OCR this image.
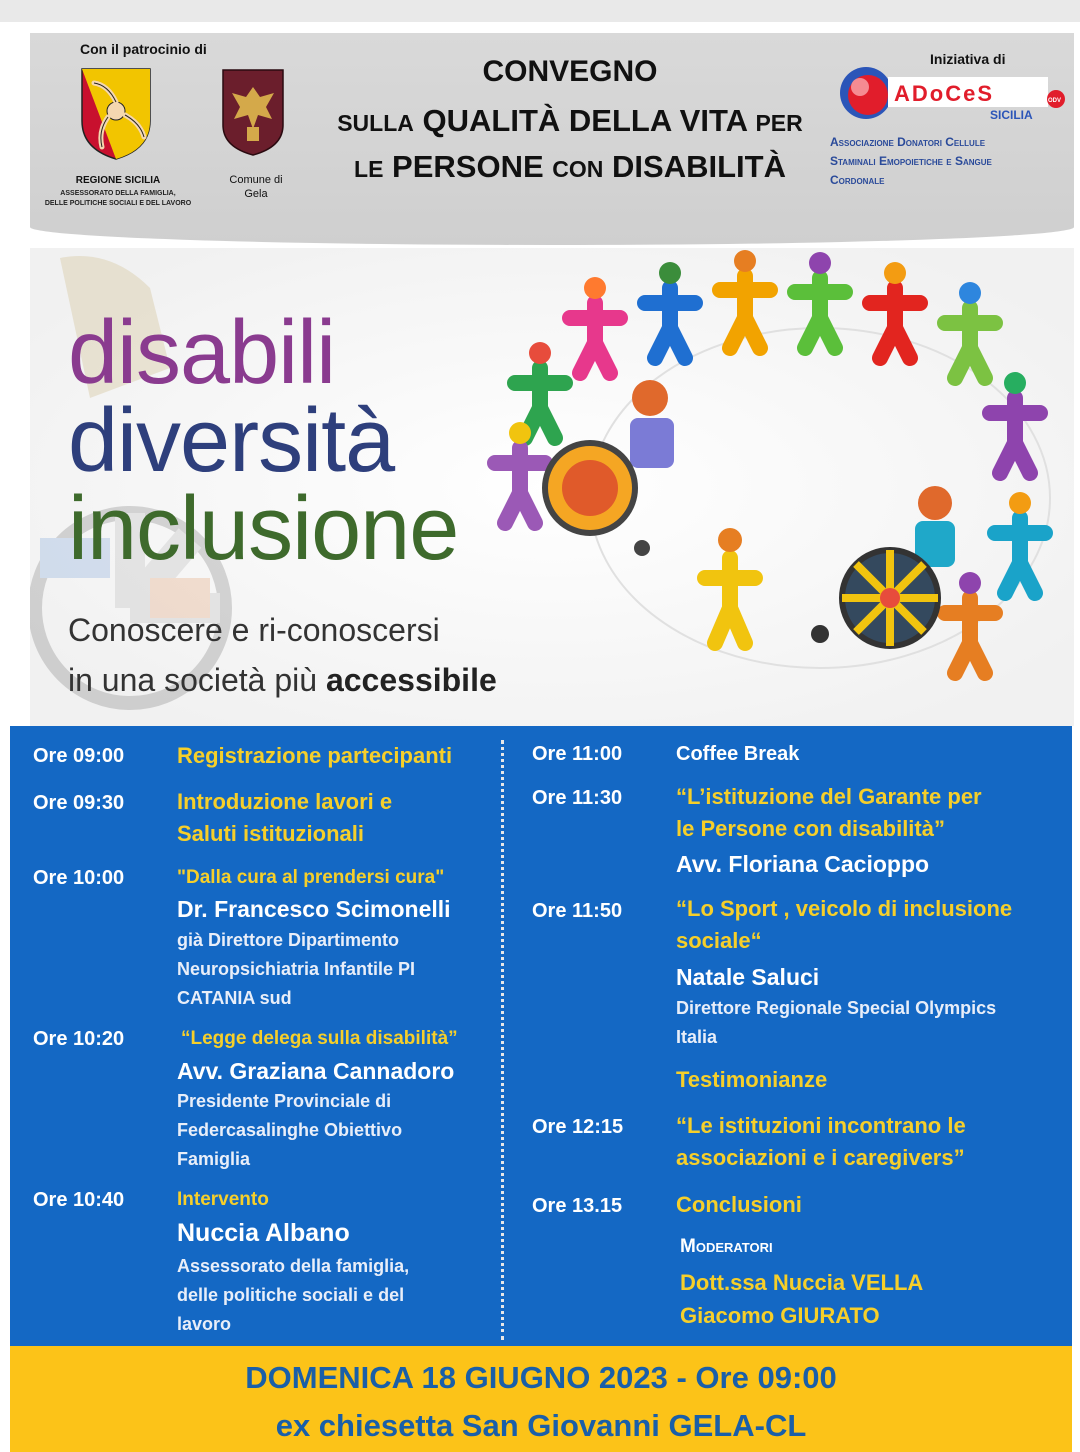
Con il patrocinio di
REGIONE SICILIA
ASSESSORATO DELLA FAMIGLIA,
DELLE POLITICHE SOCIALI E DEL LAVORO
Comune di
Gela
CONVEGNO
SULLA QUALITÀ DELLA VITA PER
LE PERSONE CON DISABILITÀ
Iniziativa di
ADoCeS
SICILIA
ODV
Associazione Donatori Cellule
Staminali Emopoietiche e Sangue
Cordonale
disabili
diversità
inclusione
Conoscere e ri-conoscersi
in una società più accessibile
Ore 09:00 Registrazione partecipanti
Ore 09:30 Introduzione lavori e
Saluti istituzionali
Ore 10:00	"Dalla cura al prendersi cura"
Dr. Francesco Scimonelli
già Direttore Dipartimento
Neuropsichiatria Infantile PI
CATANIA sud
Ore 10:20	“Legge delega sulla disabilità”
Avv. Graziana Cannadoro
Presidente Provinciale di
Federcasalinghe Obiettivo
Famiglia
Ore 10:40	Intervento
Nuccia Albano
Assessorato della famiglia,
delle politiche sociali e del
lavoro
Ore 11:00	Coffee Break
Ore 11:30 “L’istituzione del Garante per
le Persone con disabilità”
Avv. Floriana Cacioppo
Ore 11:50 “Lo Sport , veicolo di inclusione
sociale“
Natale Saluci
Direttore Regionale Special Olympics
Italia
Testimonianze
Ore 12:15 “Le istituzioni incontrano le
associazioni e i caregivers”
Ore 13.15 Conclusioni
Moderatori
Dott.ssa Nuccia VELLA
Giacomo GIURATO
DOMENICA 18 GIUGNO 2023 - Ore 09:00
ex chiesetta San Giovanni GELA-CL
